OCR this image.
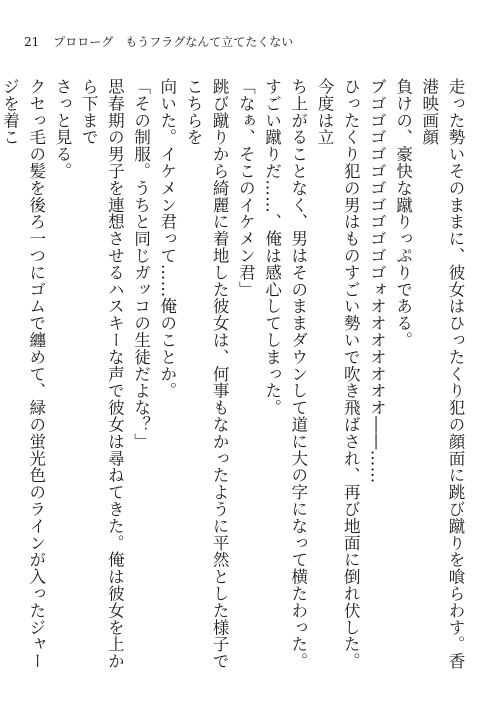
21 プロローグ　もうフラグなんて立てたくない

走った勢いそのままに、彼女はひったくり犯の顔面に跳び蹴りを喰らわす。香港映画顔

負けの、豪快な蹴りっぷりである。

ブゴゴゴゴゴゴゴゴゴゴゴォオオオオオオオ――……

ひったくり犯の男はものすごい勢いで吹き飛ばされ、再び地面に倒れ伏した。今度は立

ち上がることなく、男はそのままダウンして道に大の字になって横たわった。

すごい蹴りだ……、俺は感心してしまった。

「なぁ、そこのイケメン君」

跳び蹴りから綺麗に着地した彼女は、何事もなかったように平然とした様子でこちらを

向いた。イケメン君って……俺のことか。

「その制服。うちと同じガッコの生徒だよな？」

思春期の男子を連想させるハスキーな声で彼女は尋ねてきた。俺は彼女を上から下まで

さっと見る。

クセっ毛の髪を後ろ一つにゴムで纏めて、緑の蛍光色のラインが入ったジャージを着こ
